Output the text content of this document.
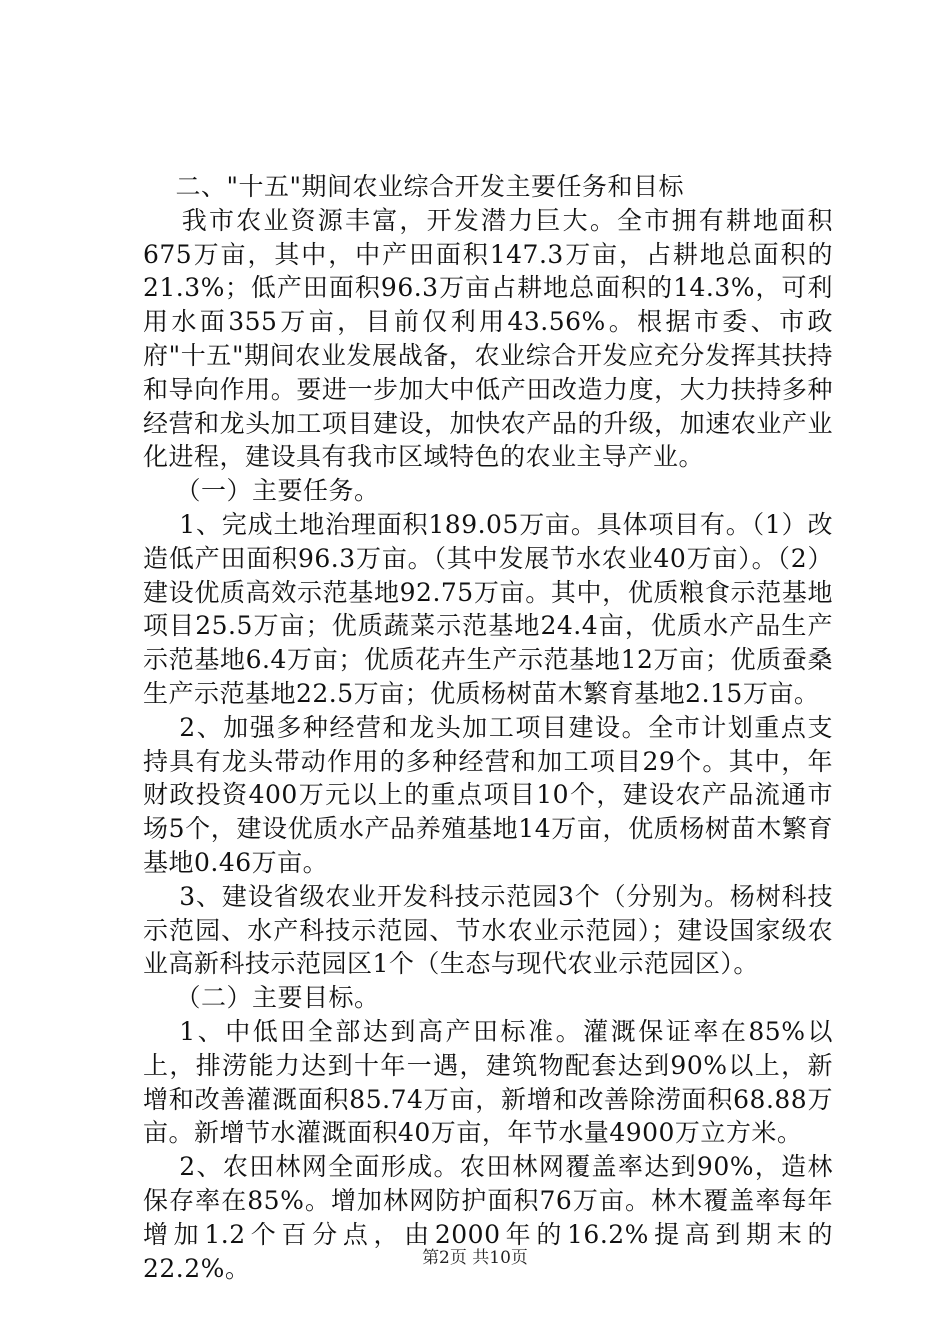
二、"十五"期间农业综合开发主要任务和目标

我市农业资源丰富，开发潜力巨大。全市拥有耕地面积675万亩，其中，中产田面积147.3万亩，占耕地总面积的21.3%；低产田面积96.3万亩占耕地总面积的14.3%，可利用水面355万亩，目前仅利用43.56%。根据市委、市政府"十五"期间农业发展战备，农业综合开发应充分发挥其扶持和导向作用。要进一步加大中低产田改造力度，大力扶持多种经营和龙头加工项目建设，加快农产品的升级，加速农业产业化进程，建设具有我市区域特色的农业主导产业。

（一）主要任务。

1、完成土地治理面积189.05万亩。具体项目有。（1）改造低产田面积96.3万亩。（其中发展节水农业40万亩）。（2）建设优质高效示范基地92.75万亩。其中，优质粮食示范基地项目25.5万亩；优质蔬菜示范基地24.4亩，优质水产品生产示范基地6.4万亩；优质花卉生产示范基地12万亩；优质蚕桑生产示范基地22.5万亩；优质杨树苗木繁育基地2.15万亩。

2、加强多种经营和龙头加工项目建设。全市计划重点支持具有龙头带动作用的多种经营和加工项目29个。其中，年财政投资400万元以上的重点项目10个，建设农产品流通市场5个，建设优质水产品养殖基地14万亩，优质杨树苗木繁育基地0.46万亩。

3、建设省级农业开发科技示范园3个（分别为。杨树科技示范园、水产科技示范园、节水农业示范园）；建设国家级农业高新科技示范园区1个（生态与现代农业示范园区）。

（二）主要目标。

1、中低田全部达到高产田标准。灌溉保证率在85%以上，排涝能力达到十年一遇，建筑物配套达到90%以上，新增和改善灌溉面积85.74万亩，新增和改善除涝面积68.88万亩。新增节水灌溉面积40万亩，年节水量4900万立方米。

2、农田林网全面形成。农田林网覆盖率达到90%，造林保存率在85%。增加林网防护面积76万亩。林木覆盖率每年增加1.2个百分点，由2000年的16.2%提高到期末的22.2%。	第2页 共10页
